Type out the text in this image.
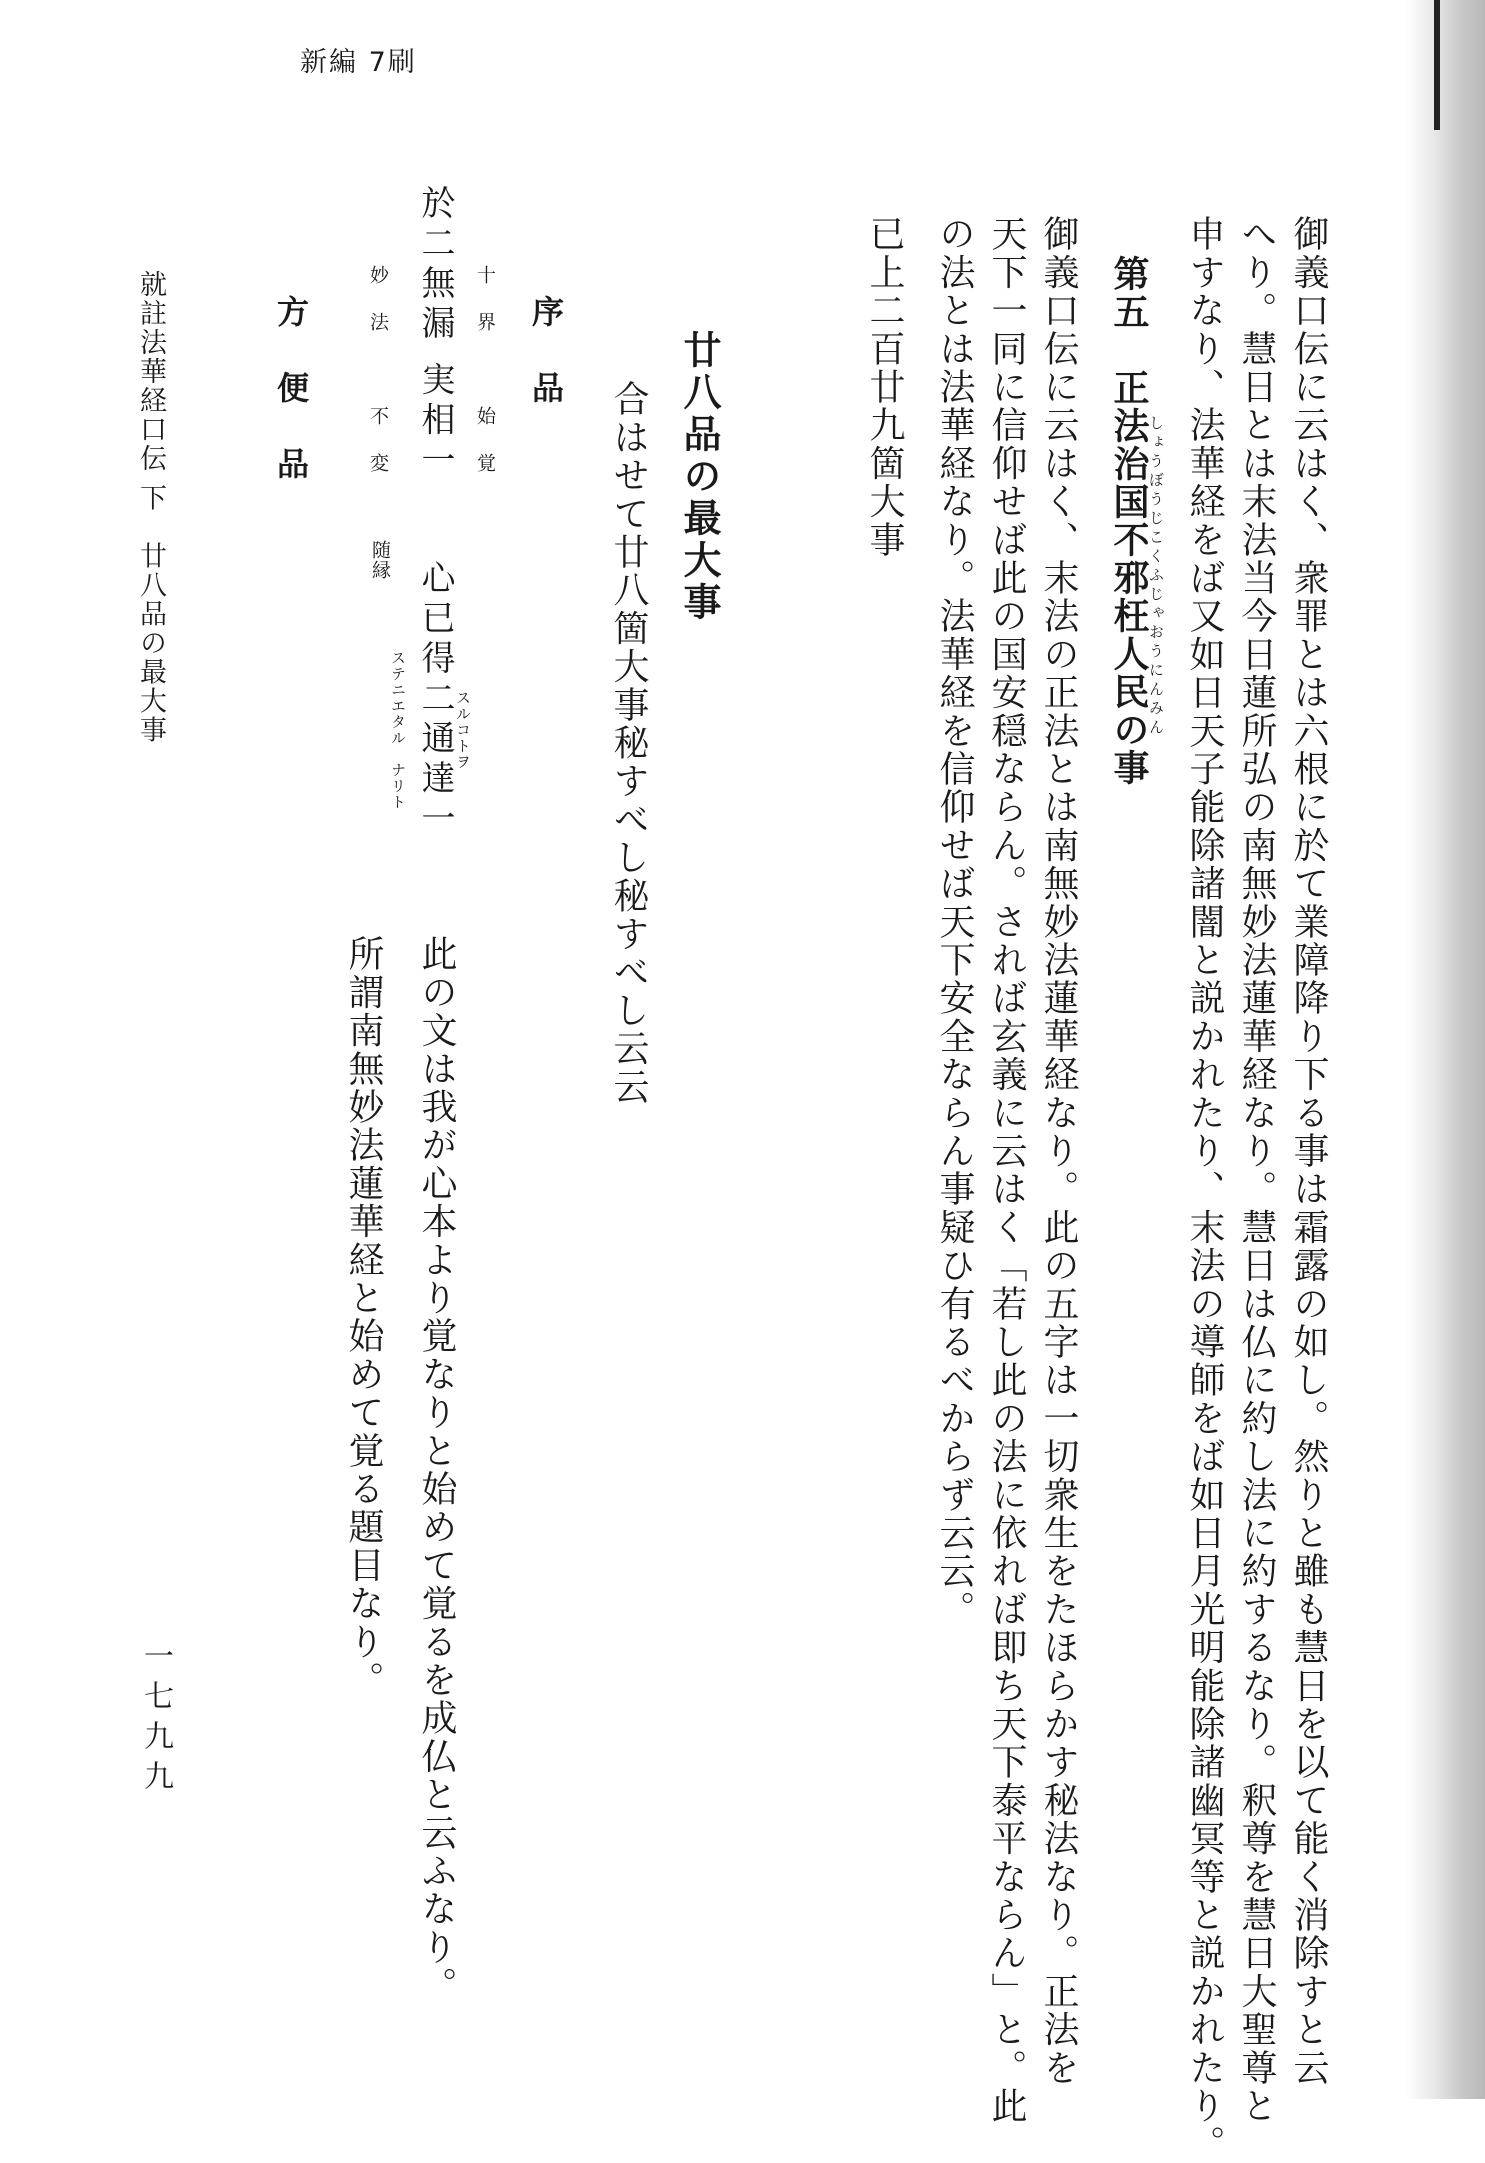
新編 7刷
御義口伝に云はく、衆罪とは六根に於て業障降り下る事は霜露の如し。然りと雖も慧日を以て能く消除すと云
へり。慧日とは末法当今日蓮所弘の南無妙法蓮華経なり。慧日は仏に約し法に約するなり。釈尊を慧日大聖尊と
申すなり、法華経をば又如日天子能除諸闇と説かれたり、末法の導師をば如日月光明能除諸幽冥等と説かれたり。
第五　正法治国不邪枉人民の事
しょうぼうじこくふじゃおうにんみん
御義口伝に云はく、末法の正法とは南無妙法蓮華経なり。此の五字は一切衆生をたほらかす秘法なり。正法を
天下一同に信仰せば此の国安穏ならん。されば玄義に云はく「若し此の法に依れば即ち天下泰平ならん」と。此
の法とは法華経なり。法華経を信仰せば天下安全ならん事疑ひ有るべからず云云。
已上二百廿九箇大事
廿八品の最大事
合はせて廿八箇大事秘すべし秘すべし云云
序品
十界　始覚
於二無漏 実相一
妙法　不変
随縁 心已得二通達一 スルコトヲ
ステニエタル　ナリト
此の文は我が心本より覚なりと始めて覚るを成仏と云ふなり。
所謂南無妙法蓮華経と始めて覚る題目なり。
方便品
就註法華経口伝 下　廿八品の最大事
一七九九
